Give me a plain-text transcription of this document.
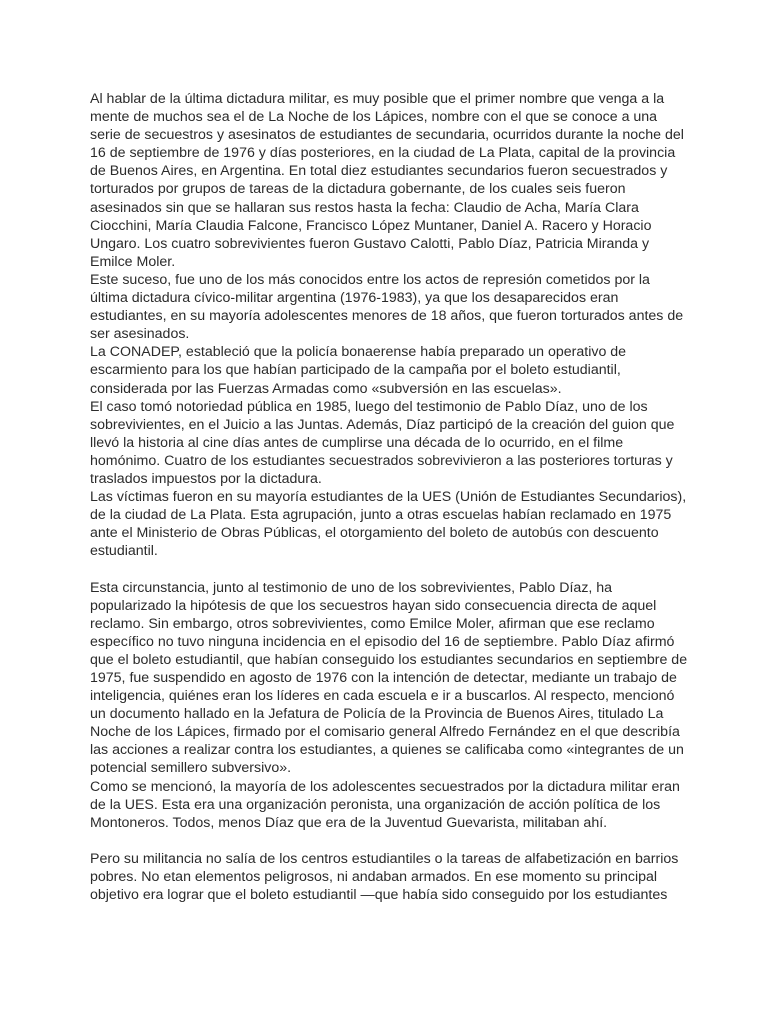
Al hablar de la última dictadura militar, es muy posible que el primer nombre que venga a la mente de muchos sea el de La Noche de los Lápices, nombre con el que se conoce a una serie de secuestros y asesinatos de estudiantes de secundaria, ocurridos durante la noche del 16 de septiembre de 1976 y días posteriores, en la ciudad de La Plata, capital de la provincia de Buenos Aires, en Argentina. En total diez estudiantes secundarios fueron secuestrados y torturados por grupos de tareas de la dictadura gobernante, de los cuales seis fueron asesinados sin que se hallaran sus restos hasta la fecha: Claudio de Acha, María Clara Ciocchini, María Claudia Falcone, Francisco López Muntaner, Daniel A. Racero y Horacio Ungaro. Los cuatro sobrevivientes fueron Gustavo Calotti, Pablo Díaz, Patricia Miranda y Emilce Moler.

Este suceso, fue uno de los más conocidos entre los actos de represión cometidos por la última dictadura cívico-militar argentina (1976-1983), ya que los desaparecidos eran estudiantes, en su mayoría adolescentes menores de 18 años, que fueron torturados antes de ser asesinados.

La CONADEP, estableció que la policía bonaerense había preparado un operativo de escarmiento para los que habían participado de la campaña por el boleto estudiantil, considerada por las Fuerzas Armadas como «subversión en las escuelas».

El caso tomó notoriedad pública en 1985, luego del testimonio de Pablo Díaz, uno de los sobrevivientes, en el Juicio a las Juntas. Además, Díaz participó de la creación del guion que llevó la historia al cine días antes de cumplirse una década de lo ocurrido, en el filme homónimo. Cuatro de los estudiantes secuestrados sobrevivieron a las posteriores torturas y traslados impuestos por la dictadura.

Las víctimas fueron en su mayoría estudiantes de la UES (Unión de Estudiantes Secundarios), de la ciudad de La Plata. Esta agrupación, junto a otras escuelas habían reclamado en 1975 ante el Ministerio de Obras Públicas, el otorgamiento del boleto de autobús con descuento estudiantil.

Esta circunstancia, junto al testimonio de uno de los sobrevivientes, Pablo Díaz, ha popularizado la hipótesis de que los secuestros hayan sido consecuencia directa de aquel reclamo. Sin embargo, otros sobrevivientes, como Emilce Moler, afirman que ese reclamo específico no tuvo ninguna incidencia en el episodio del 16 de septiembre. Pablo Díaz afirmó que el boleto estudiantil, que habían conseguido los estudiantes secundarios en septiembre de 1975, fue suspendido en agosto de 1976 con la intención de detectar, mediante un trabajo de inteligencia, quiénes eran los líderes en cada escuela e ir a buscarlos. Al respecto, mencionó un documento hallado en la Jefatura de Policía de la Provincia de Buenos Aires, titulado La Noche de los Lápices, firmado por el comisario general Alfredo Fernández en el que describía las acciones a realizar contra los estudiantes, a quienes se calificaba como «integrantes de un potencial semillero subversivo».

Como se mencionó, la mayoría de los adolescentes secuestrados por la dictadura militar eran de la UES. Esta era una organización peronista, una organización de acción política de los Montoneros. Todos, menos Díaz que era de la Juventud Guevarista, militaban ahí.

Pero su militancia no salía de los centros estudiantiles o la tareas de alfabetización en barrios pobres. No etan elementos peligrosos, ni andaban armados. En ese momento su principal objetivo era lograr que el boleto estudiantil —que había sido conseguido por los estudiantes
